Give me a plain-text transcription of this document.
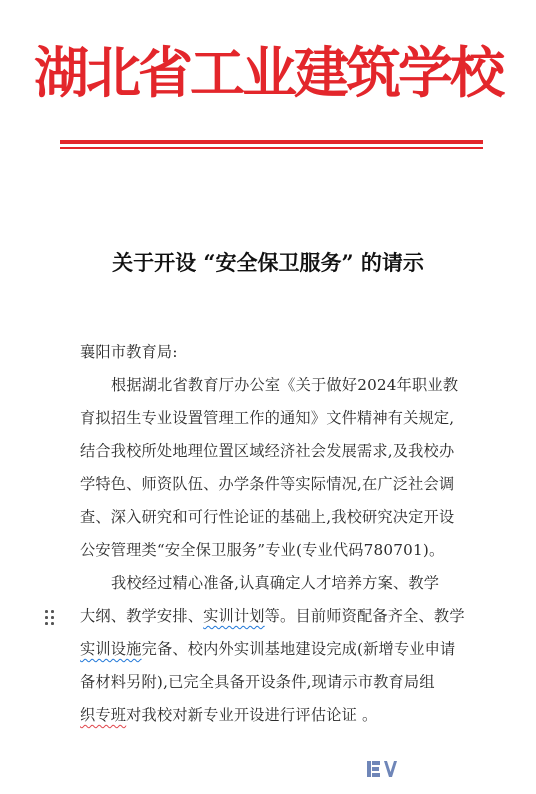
湖北省工业建筑学校
关于开设 “安全保卫服务” 的请示
襄阳市教育局:
根据湖北省教育厅办公室《关于做好2024年职业教
育拟招生专业设置管理工作的通知》文件精神有关规定,
结合我校所处地理位置区域经济社会发展需求,及我校办
学特色、师资队伍、办学条件等实际情况,在广泛社会调
查、深入研究和可行性论证的基础上,我校研究决定开设
公安管理类“安全保卫服务”专业(专业代码780701)。
我校经过精心准备,认真确定人才培养方案、教学
大纲、教学安排、实训计划等。目前师资配备齐全、教学
实训设施完备、校内外实训基地建设完成(新增专业申请
备材料另附),已完全具备开设条件,现请示市教育局组
织专班对我校对新专业开设进行评估论证 。
